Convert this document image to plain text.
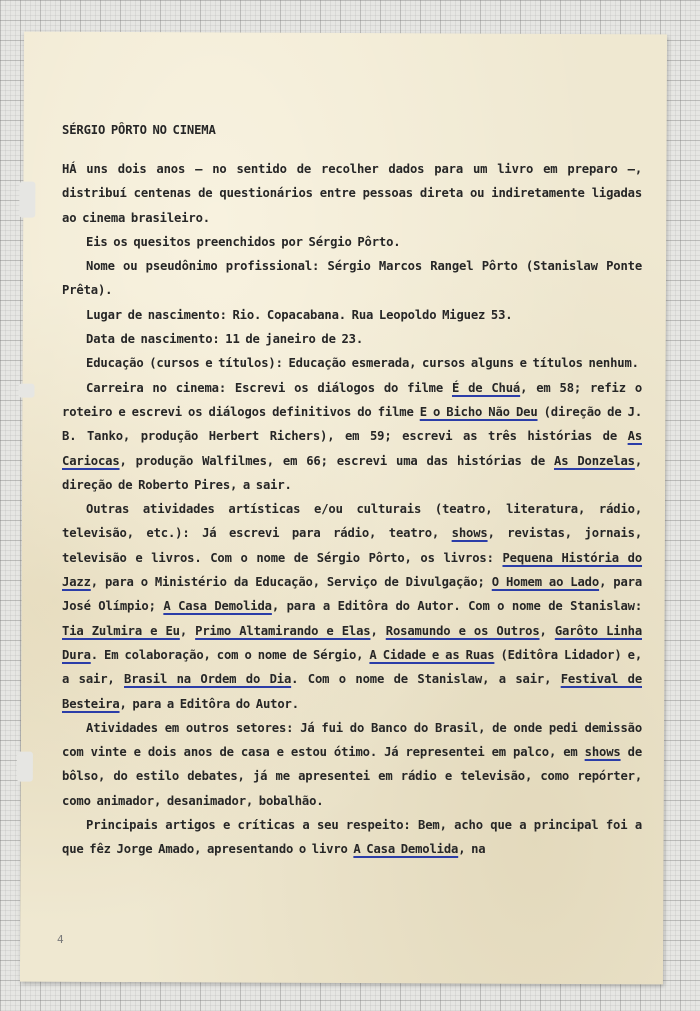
SÉRGIO PÔRTO NO CINEMA

HÁ uns dois anos — no sentido de recolher dados para um livro em preparo —, distribuí centenas de questionários entre pessoas direta ou indiretamente ligadas ao cinema brasileiro.

Eis os quesitos preenchidos por Sérgio Pôrto.

Nome ou pseudônimo profissional: Sérgio Marcos Rangel Pôrto (Stanislaw Ponte Prêta).

Lugar de nascimento: Rio. Copacabana. Rua Leopoldo Miguez 53.

Data de nascimento: 11 de janeiro de 23.

Educação (cursos e títulos): Educação esmerada, cursos alguns e títulos nenhum.

Carreira no cinema: Escrevi os diálogos do filme É de Chuá, em 58; refiz o roteiro e escrevi os diálogos definitivos do filme E o Bicho Não Deu (direção de J. B. Tanko, produção Herbert Richers), em 59; escrevi as três histórias de As Cariocas, produção Walfilmes, em 66; escrevi uma das histórias de As Donzelas, direção de Roberto Pires, a sair.

Outras atividades artísticas e/ou culturais (teatro, literatura, rádio, televisão, etc.): Já escrevi para rádio, teatro, shows, revistas, jornais, televisão e livros. Com o nome de Sérgio Pôrto, os livros: Pequena História do Jazz, para o Ministério da Educação, Serviço de Divulgação; O Homem ao Lado, para José Olímpio; A Casa Demolida, para a Editôra do Autor. Com o nome de Stanislaw: Tia Zulmira e Eu, Primo Altamirando e Elas, Rosamundo e os Outros, Garôto Linha Dura. Em colaboração, com o nome de Sérgio, A Cidade e as Ruas (Editôra Lidador) e, a sair, Brasil na Ordem do Dia. Com o nome de Stanislaw, a sair, Festival de Besteira, para a Editôra do Autor.

Atividades em outros setores: Já fui do Banco do Brasil, de onde pedi demissão com vinte e dois anos de casa e estou ótimo. Já representei em palco, em shows de bôlso, do estilo debates, já me apresentei em rádio e televisão, como repórter, como animador, desanimador, bobalhão.

Principais artigos e críticas a seu respeito: Bem, acho que a principal foi a que fêz Jorge Amado, apresentando o livro A Casa Demolida, na

4
